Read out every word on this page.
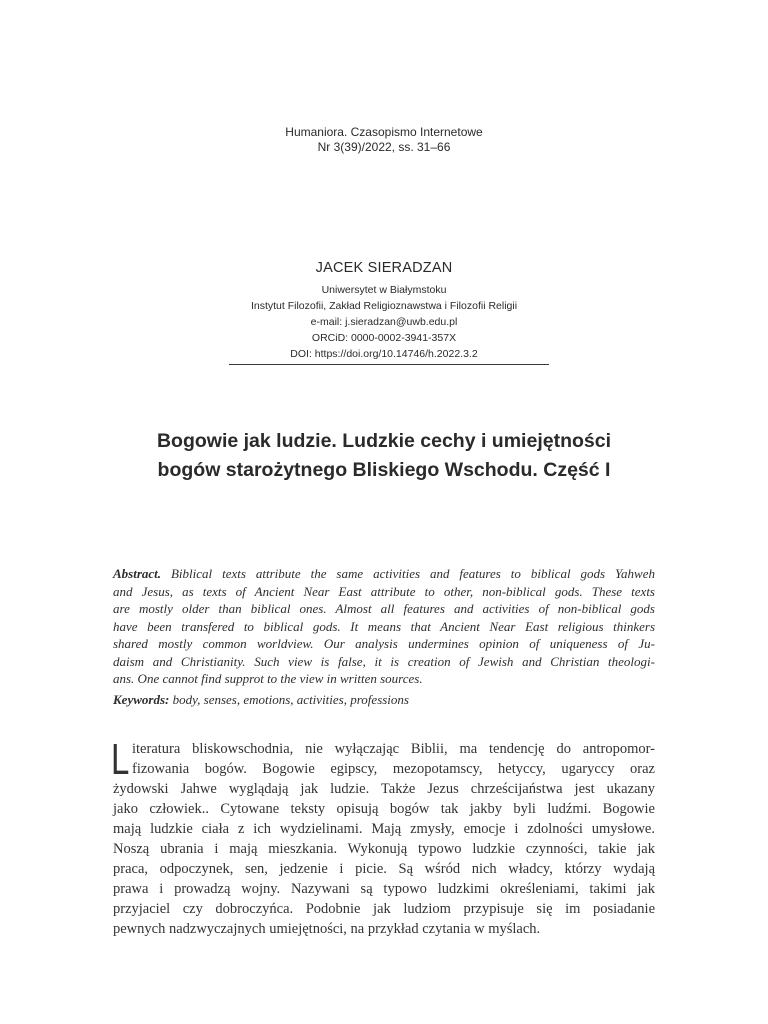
Humaniora. Czasopismo Internetowe
Nr 3(39)/2022, ss. 31–66
JACEK SIERADZAN
Uniwersytet w Białymstoku
Instytut Filozofii, Zakład Religioznawstwa i Filozofii Religii
e-mail: j.sieradzan@uwb.edu.pl
ORCiD: 0000-0002-3941-357X
DOI: https://doi.org/10.14746/h.2022.3.2
Bogowie jak ludzie. Ludzkie cechy i umiejętności
bogów starożytnego Bliskiego Wschodu. Część I
Abstract. Biblical texts attribute the same activities and features to biblical gods Yahweh
and Jesus, as texts of Ancient Near East attribute to other, non-biblical gods. These texts
are mostly older than biblical ones. Almost all features and activities of non-biblical gods
have been transfered to biblical gods. It means that Ancient Near East religious thinkers
shared mostly common worldview. Our analysis undermines opinion of uniqueness of Ju-
daism and Christianity. Such view is false, it is creation of Jewish and Christian theologi-
ans. One cannot find supprot to the view in written sources.
Keywords: body, senses, emotions, activities, professions
L iteratura bliskowschodnia, nie wyłączając Biblii, ma tendencję do antropomor-
fizowania bogów. Bogowie egipscy, mezopotamscy, hetyccy, ugaryccy oraz
żydowski Jahwe wyglądają jak ludzie. Także Jezus chrześcijaństwa jest ukazany
jako człowiek.. Cytowane teksty opisują bogów tak jakby byli ludźmi. Bogowie
mają ludzkie ciała z ich wydzielinami. Mają zmysły, emocje i zdolności umysłowe.
Noszą ubrania i mają mieszkania. Wykonują typowo ludzkie czynności, takie jak
praca, odpoczynek, sen, jedzenie i picie. Są wśród nich władcy, którzy wydają
prawa i prowadzą wojny. Nazywani są typowo ludzkimi określeniami, takimi jak
przyjaciel czy dobroczyńca. Podobnie jak ludziom przypisuje się im posiadanie
pewnych nadzwyczajnych umiejętności, na przykład czytania w myślach.
